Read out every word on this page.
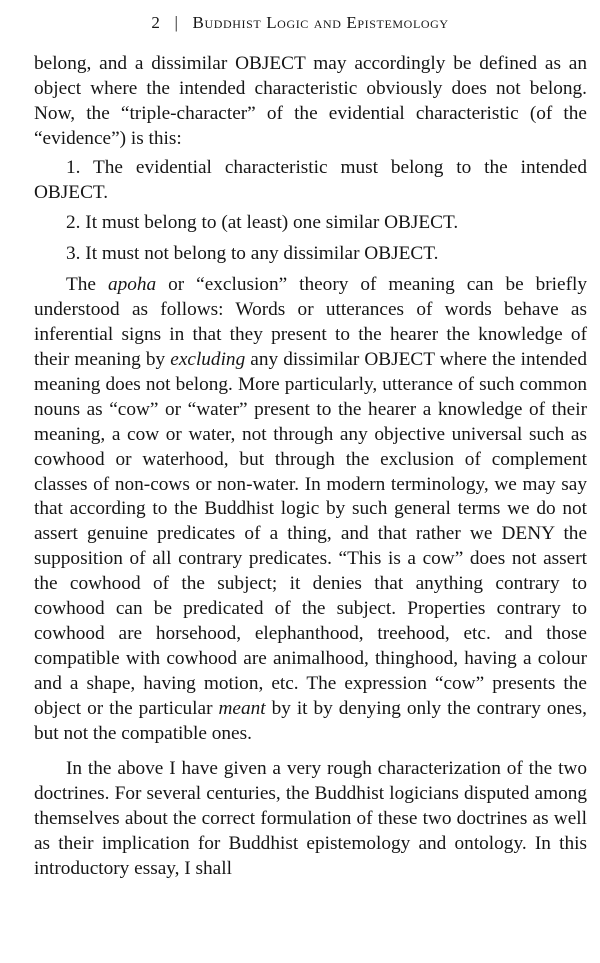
2 | Buddhist Logic and Epistemology

belong, and a dissimilar OBJECT may accordingly be defined as an object where the intended characteristic obviously does not belong. Now, the “triple-character” of the evidential characteristic (of the “evidence”) is this:

1. The evidential characteristic must belong to the intended OBJECT.

2. It must belong to (at least) one similar OBJECT.

3. It must not belong to any dissimilar OBJECT.

The apoha or “exclusion” theory of meaning can be briefly understood as follows: Words or utterances of words behave as inferential signs in that they present to the hearer the knowledge of their meaning by excluding any dissimilar OBJECT where the intended meaning does not belong. More particularly, utterance of such common nouns as “cow” or “water” present to the hearer a knowledge of their meaning, a cow or water, not through any objective universal such as cowhood or waterhood, but through the exclusion of complement classes of non-cows or non-water. In modern terminology, we may say that according to the Buddhist logic by such general terms we do not assert genuine predicates of a thing, and that rather we DENY the supposition of all contrary predicates. “This is a cow” does not assert the cowhood of the subject; it denies that anything contrary to cowhood can be predicated of the subject. Properties contrary to cowhood are horsehood, elephanthood, treehood, etc. and those compatible with cowhood are animalhood, thinghood, having a colour and a shape, having motion, etc. The expression “cow” presents the object or the particular meant by it by denying only the contrary ones, but not the compatible ones.

In the above I have given a very rough characterization of the two doctrines. For several centuries, the Buddhist logicians disputed among themselves about the correct formulation of these two doctrines as well as their implication for Buddhist epistemology and ontology. In this introductory essay, I shall
